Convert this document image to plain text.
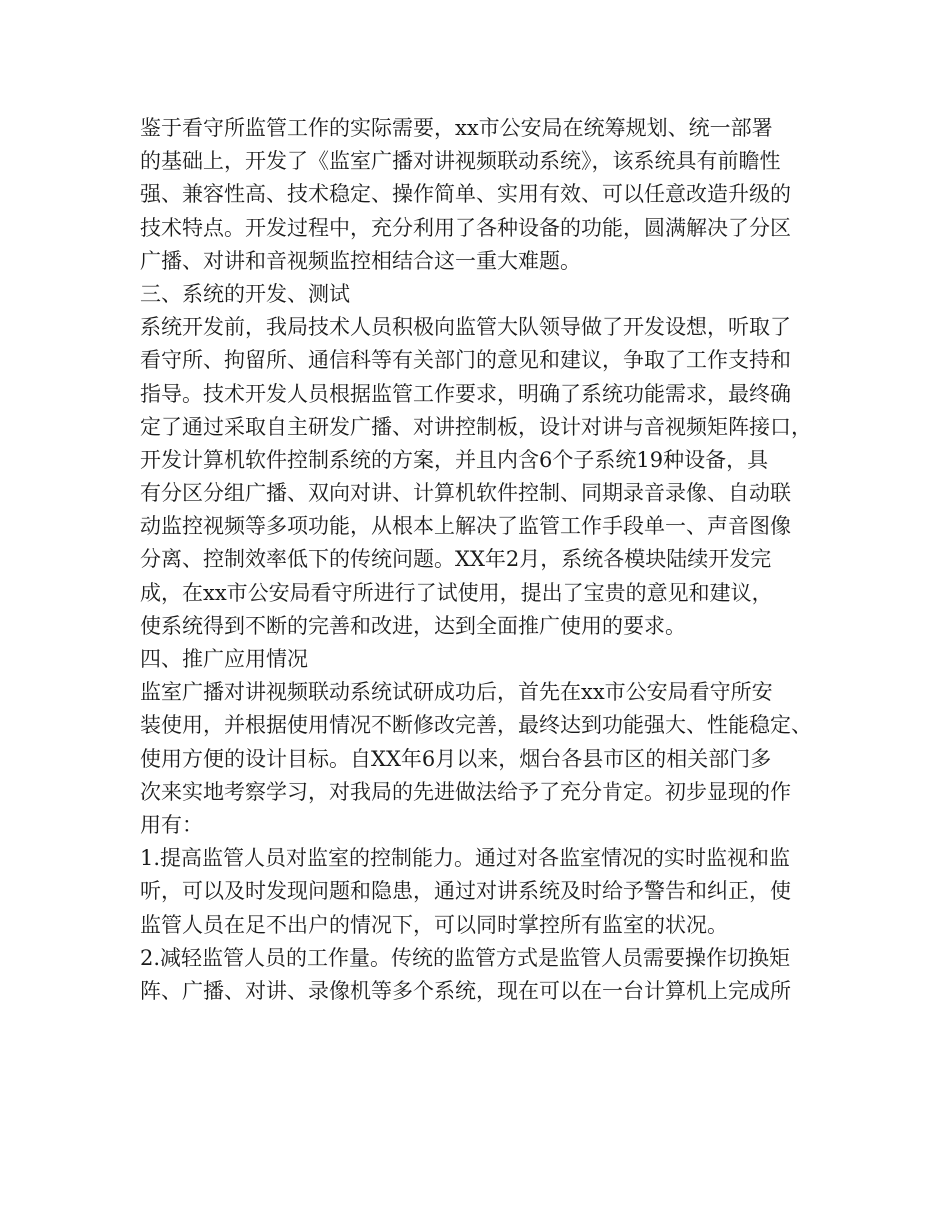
鉴于看守所监管工作的实际需要，xx市公安局在统筹规划、统一部署
的基础上，开发了《监室广播对讲视频联动系统》，该系统具有前瞻性
强、兼容性高、技术稳定、操作简单、实用有效、可以任意改造升级的
技术特点。开发过程中，充分利用了各种设备的功能，圆满解决了分区
广播、对讲和音视频监控相结合这一重大难题。
三、系统的开发、测试
系统开发前，我局技术人员积极向监管大队领导做了开发设想，听取了
看守所、拘留所、通信科等有关部门的意见和建议，争取了工作支持和
指导。技术开发人员根据监管工作要求，明确了系统功能需求，最终确
定了通过采取自主研发广播、对讲控制板，设计对讲与音视频矩阵接口，
开发计算机软件控制系统的方案，并且内含6个子系统19种设备，具
有分区分组广播、双向对讲、计算机软件控制、同期录音录像、自动联
动监控视频等多项功能，从根本上解决了监管工作手段单一、声音图像
分离、控制效率低下的传统问题。XX年2月，系统各模块陆续开发完
成，在xx市公安局看守所进行了试使用，提出了宝贵的意见和建议，
使系统得到不断的完善和改进，达到全面推广使用的要求。
四、推广应用情况
监室广播对讲视频联动系统试研成功后，首先在xx市公安局看守所安
装使用，并根据使用情况不断修改完善，最终达到功能强大、性能稳定、
使用方便的设计目标。自XX年6月以来，烟台各县市区的相关部门多
次来实地考察学习，对我局的先进做法给予了充分肯定。初步显现的作
用有：
1.提高监管人员对监室的控制能力。通过对各监室情况的实时监视和监
听，可以及时发现问题和隐患，通过对讲系统及时给予警告和纠正，使
监管人员在足不出户的情况下，可以同时掌控所有监室的状况。
2.减轻监管人员的工作量。传统的监管方式是监管人员需要操作切换矩
阵、广播、对讲、录像机等多个系统，现在可以在一台计算机上完成所
